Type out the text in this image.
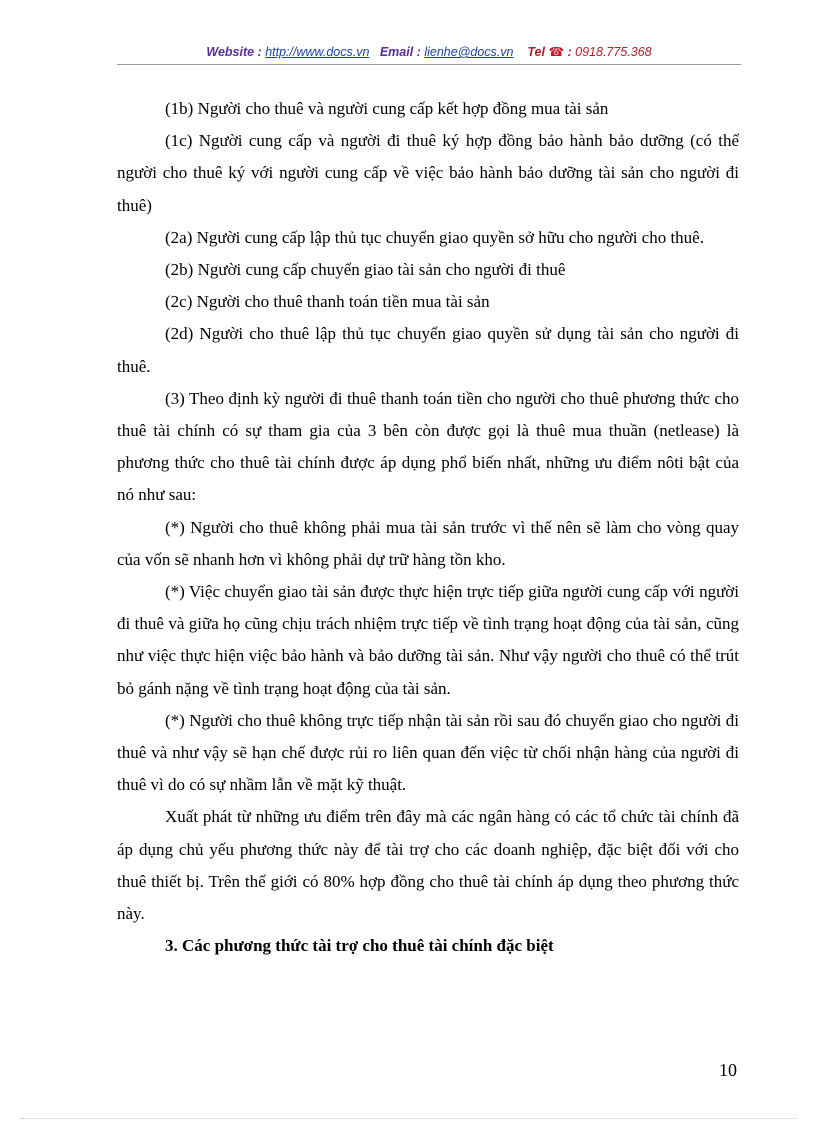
Website : http://www.docs.vn Email : lienhe@docs.vn Tel ☎ : 0918.775.368

(1b) Người cho thuê và người cung cấp kết hợp đồng mua tài sản

(1c) Người cung cấp và người đi thuê ký hợp đồng bảo hành bảo dưỡng (có thể người cho thuê ký với người cung cấp về việc bảo hành bảo dưỡng tài sản cho người đi thuê)

(2a) Người cung cấp lập thủ tục chuyển giao quyền sở hữu cho người cho thuê.

(2b) Người cung cấp chuyển giao tài sản cho người đi thuê

(2c) Người cho thuê thanh toán tiền mua tài sản

(2d) Người cho thuê lập thủ tục chuyển giao quyền sử dụng tài sản cho người đi thuê.

(3) Theo định kỳ người đi thuê thanh toán tiền cho người cho thuê phương thức cho thuê tài chính có sự tham gia của 3 bên còn được gọi là thuê mua thuần (netlease) là phương thức cho thuê tài chính được áp dụng phổ biến nhất, những ưu điểm nôti bật của nó như sau:

(*) Người cho thuê không phải mua tài sản trước vì thế nên sẽ làm cho vòng quay của vốn sẽ nhanh hơn vì không phải dự trữ hàng tồn kho.

(*) Việc chuyển giao tài sản được thực hiện trực tiếp giữa người cung cấp với người đi thuê và giữa họ cũng chịu trách nhiệm trực tiếp về tình trạng hoạt động của tài sản, cũng như việc thực hiện việc bảo hành và bảo dưỡng tài sản. Như vậy người cho thuê có thể trút bỏ gánh nặng về tình trạng hoạt động của tài sản.

(*) Người cho thuê không trực tiếp nhận tài sản rồi sau đó chuyển giao cho người đi thuê và như vậy sẽ hạn chế được rủi ro liên quan đến việc từ chối nhận hàng của người đi thuê vì do có sự nhầm lẫn về mặt kỹ thuật.

Xuất phát từ những ưu điểm trên đây mà các ngân hàng có các tổ chức tài chính đã áp dụng chủ yếu phương thức này để tài trợ cho các doanh nghiệp, đặc biệt đối với cho thuê thiết bị. Trên thế giới có 80% hợp đồng cho thuê tài chính áp dụng theo phương thức này.

3. Các phương thức tài trợ cho thuê tài chính đặc biệt

10
